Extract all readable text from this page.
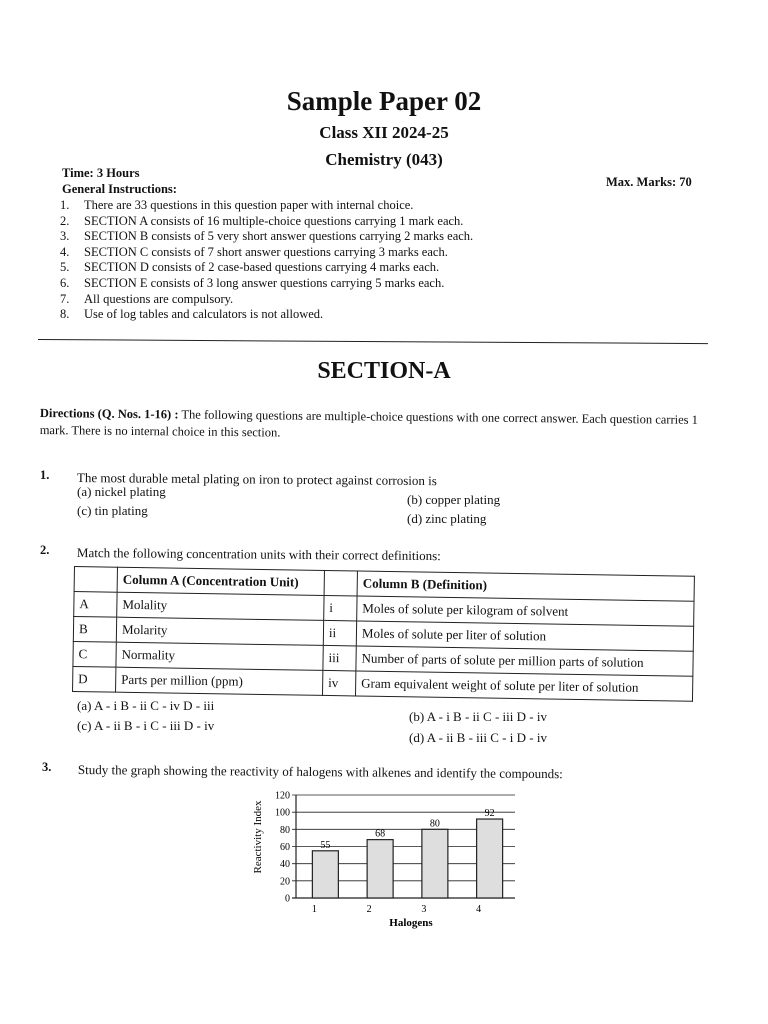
Sample Paper 02
Class XII 2024-25
Chemistry (043)
Time: 3 Hours
Max. Marks: 70
General Instructions:
1. There are 33 questions in this question paper with internal choice.
2. SECTION A consists of 16 multiple-choice questions carrying 1 mark each.
3. SECTION B consists of 5 very short answer questions carrying 2 marks each.
4. SECTION C consists of 7 short answer questions carrying 3 marks each.
5. SECTION D consists of 2 case-based questions carrying 4 marks each.
6. SECTION E consists of 3 long answer questions carrying 5 marks each.
7. All questions are compulsory.
8. Use of log tables and calculators is not allowed.
SECTION-A
Directions (Q. Nos. 1-16) : The following questions are multiple-choice questions with one correct answer. Each question carries 1 mark. There is no internal choice in this section.
1. The most durable metal plating on iron to protect against corrosion is
(a) nickel plating
(b) copper plating
(c) tin plating
(d) zinc plating
2. Match the following concentration units with their correct definitions:
	Column A (Concentration Unit)		Column B (Definition)
A	Molality	i	Moles of solute per kilogram of solvent
B	Molarity	ii	Moles of solute per liter of solution
C	Normality	iii	Number of parts of solute per million parts of solution
D	Parts per million (ppm)	iv	Gram equivalent weight of solute per liter of solution
(a) A - i B - ii C - iv D - iii
(b) A - i B - ii C - iii D - iv
(c) A - ii B - i C - iii D - iv
(d) A - ii B - iii C - i D - iv
3. Study the graph showing the reactivity of halogens with alkenes and identify the compounds:
0
20
40
60
80
100
120
55
68
80
92
1	2	3	4
Reactivity Index
Halogens
